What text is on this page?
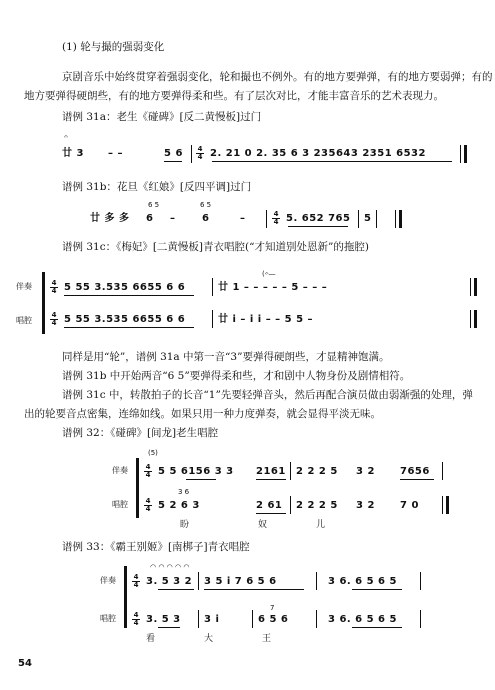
(1) 轮与撮的强弱变化
京剧音乐中始终贯穿着强弱变化，轮和撮也不例外。有的地方要弹弹，有的地方要弱弹；有的
地方要弹得硬朗些，有的地方要弹得柔和些。有了层次对比，才能丰富音乐的艺术表现力。
谱例 31a：老生《碰碑》[反二黄慢板]过门
𝄐
廿 3 – –	5 6 4
4 2. 21 0 2. 35 6 3 235643 2351 6532
谱例 31b：花旦《红娘》[反四平调]过门
6 5	6 5
廿 多 多 6 –	6	–	4
4 5. 652 765 5
谱例 31c：《梅妃》[二黄慢板]青衣唱腔(“才知道别处恩新”的拖腔)
伴奏
唱腔
4
4 5 55 3.535 6655 6 6
(𝄐—
廿 1 – – – – – 5 – – –
4
4 5 55 3.535 6655 6 6	廿 i – i i – – 5 5 –
同样是用“轮”，谱例 31a 中第一音“3”要弹得硬朗些，才显精神饱满。
谱例 31b 中开始两音“6 5”要弹得柔和些，才和剧中人物身份及剧情相符。
谱例 31c 中，转散拍子的长音“1”先要轻弹音头，然后再配合演员做由弱渐强的处理，弹
出的轮要音点密集，连绵如线。如果只用一种力度弹奏，就会显得平淡无味。
谱例 32：《碰碑》[间龙]老生唱腔
(5)
伴奏
唱腔
4
4 5 5 6156 3 3 2161 2 2 2 5 3 2	7656
3 6
4
4 5 2 6 3	2 61 2 2 2 5 3 2	7 0
盼	奴	儿
谱例 33：《霸王别姬》[南梆子]青衣唱腔
伴奏
唱腔
◠ ◠ ◠ ◠ ◠
4
4 3. 5 3 2 3 5 i 7 6 5 6	3 6. 6 5 6 5
4
4 3. 5 3 3 i
7
6 5 6	3 6. 6 5 6 5
看	大	王
54
